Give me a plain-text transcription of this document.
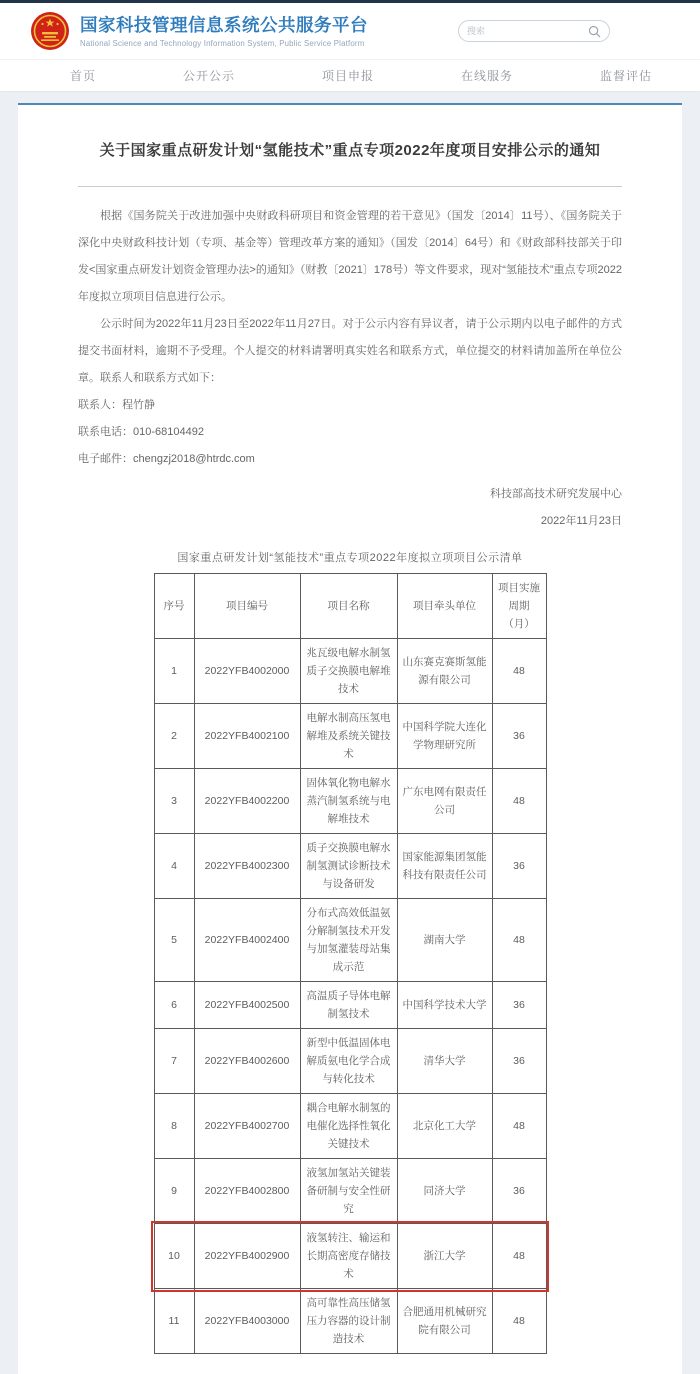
国家科技管理信息系统公共服务平台
National Science and Technology Information System, Public Service Platform
搜索
首页	公开公示	项目申报	在线服务	监督评估
关于国家重点研发计划“氢能技术”重点专项2022年度项目安排公示的通知

根据《国务院关于改进加强中央财政科研项目和资金管理的若干意见》（国发〔2014〕11号）、《国务院关于深化中央财政科技计划（专项、基金等）管理改革方案的通知》（国发〔2014〕64号）和《财政部科技部关于印发<国家重点研发计划资金管理办法>的通知》（财教〔2021〕178号）等文件要求，现对“氢能技术”重点专项2022年度拟立项项目信息进行公示。

公示时间为2022年11月23日至2022年11月27日。对于公示内容有异议者，请于公示期内以电子邮件的方式提交书面材料，逾期不予受理。个人提交的材料请署明真实姓名和联系方式，单位提交的材料请加盖所在单位公章。联系人和联系方式如下：

联系人：程竹静

联系电话：010-68104492

电子邮件：chengzj2018@htrdc.com

科技部高技术研究发展中心
2022年11月23日
国家重点研发计划“氢能技术”重点专项2022年度拟立项项目公示清单
序号	项目编号	项目名称	项目牵头单位	项目实施周期（月）
1	2022YFB4002000	兆瓦级电解水制氢质子交换膜电解堆技术	山东赛克赛斯氢能源有限公司	48
2	2022YFB4002100	电解水制高压氢电解堆及系统关键技术	中国科学院大连化学物理研究所	36
3	2022YFB4002200	固体氧化物电解水蒸汽制氢系统与电解堆技术	广东电网有限责任公司	48
4	2022YFB4002300	质子交换膜电解水制氢测试诊断技术与设备研发	国家能源集团氢能科技有限责任公司	36
5	2022YFB4002400	分布式高效低温氨分解制氢技术开发与加氢灌装母站集成示范	湖南大学	48
6	2022YFB4002500	高温质子导体电解制氢技术	中国科学技术大学	36
7	2022YFB4002600	新型中低温固体电解质氨电化学合成与转化技术	清华大学	36
8	2022YFB4002700	耦合电解水制氢的电催化选择性氧化关键技术	北京化工大学	48
9	2022YFB4002800	液氢加氢站关键装备研制与安全性研究	同济大学	36
10	2022YFB4002900	液氢转注、输运和长期高密度存储技术	浙江大学	48
11	2022YFB4003000	高可靠性高压储氢压力容器的设计制造技术	合肥通用机械研究院有限公司	48
